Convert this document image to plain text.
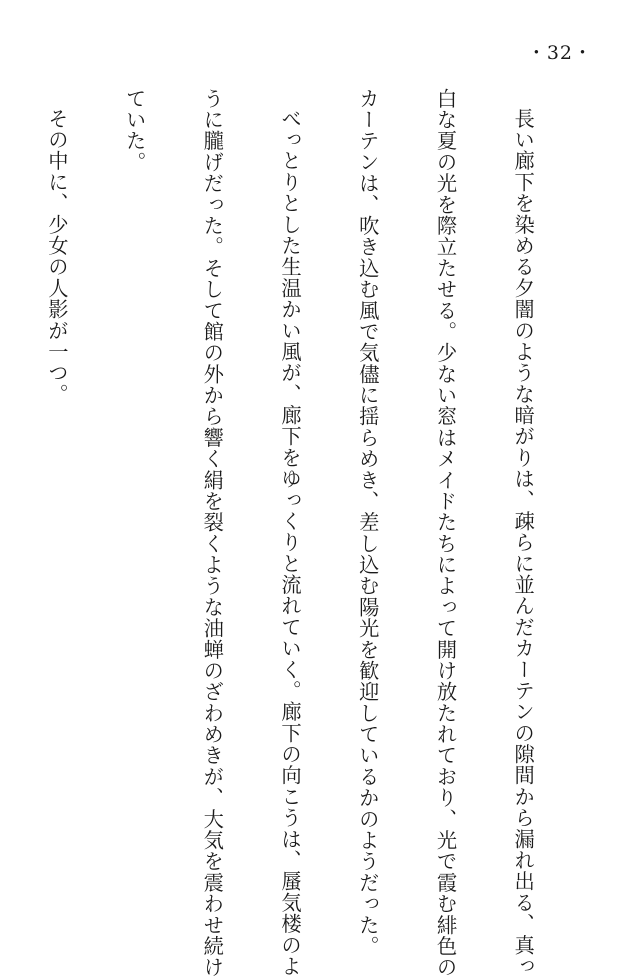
・32・

長い廊下を染める夕闇のような暗がりは、疎らに並んだカーテンの隙間から漏れ出る、真っ

白な夏の光を際立たせる。少ない窓はメイドたちによって開け放たれており、光で霞む緋色の

カーテンは、吹き込む風で気儘に揺らめき、差し込む陽光を歓迎しているかのようだった。

べっとりとした生温かい風が、廊下をゆっくりと流れていく。廊下の向こうは、蜃気楼のよ

うに朧げだった。そして館の外から響く絹を裂くような油蝉のざわめきが、大気を震わせ続け

ていた。

その中に、少女の人影が一つ。
